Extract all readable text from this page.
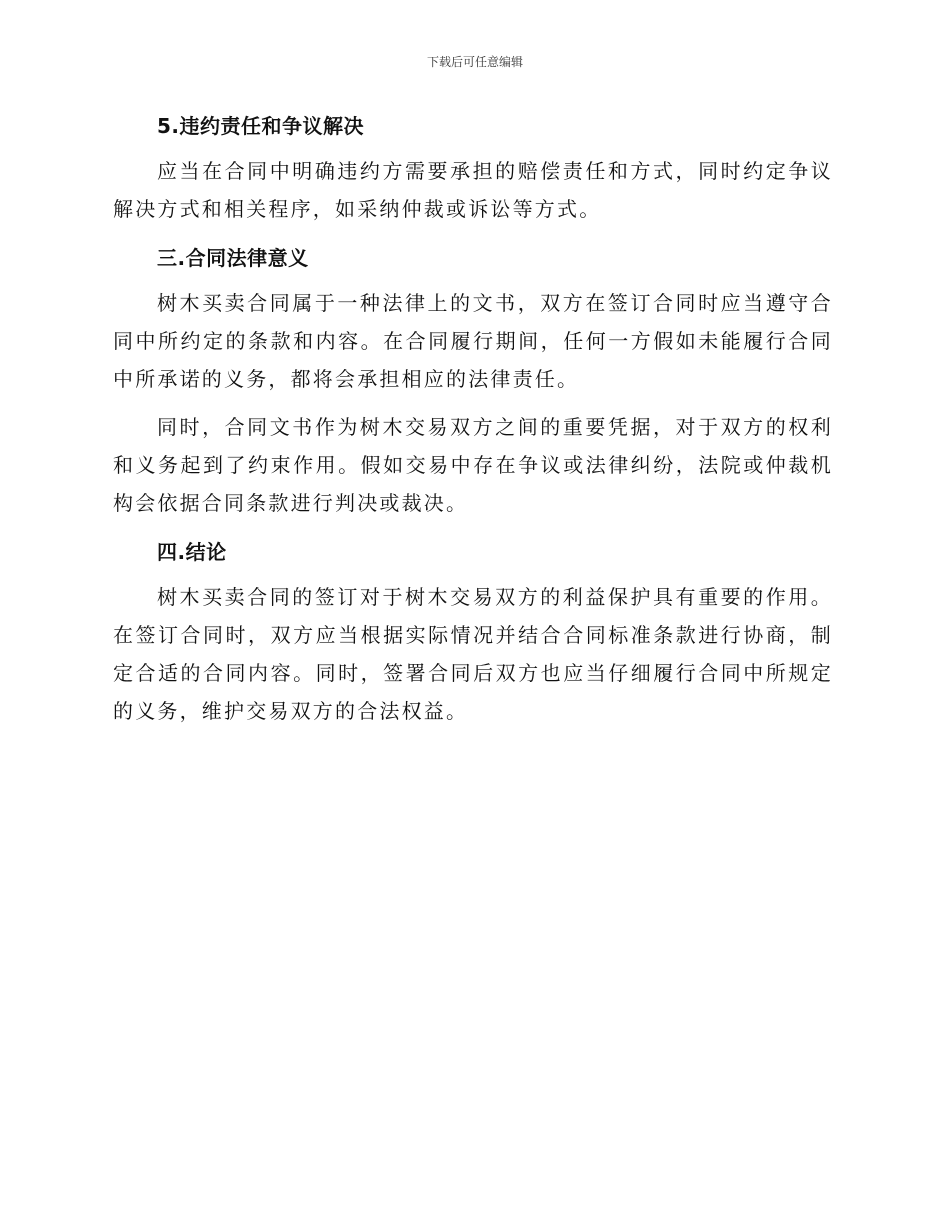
下载后可任意编辑
5.违约责任和争议解决

应当在合同中明确违约方需要承担的赔偿责任和方式，同时约定争议解决方式和相关程序，如采纳仲裁或诉讼等方式。

三.合同法律意义

树木买卖合同属于一种法律上的文书，双方在签订合同时应当遵守合同中所约定的条款和内容。在合同履行期间，任何一方假如未能履行合同中所承诺的义务，都将会承担相应的法律责任。

同时，合同文书作为树木交易双方之间的重要凭据，对于双方的权利和义务起到了约束作用。假如交易中存在争议或法律纠纷，法院或仲裁机构会依据合同条款进行判决或裁决。

四.结论

树木买卖合同的签订对于树木交易双方的利益保护具有重要的作用。在签订合同时，双方应当根据实际情况并结合合同标准条款进行协商，制定合适的合同内容。同时，签署合同后双方也应当仔细履行合同中所规定的义务，维护交易双方的合法权益。
